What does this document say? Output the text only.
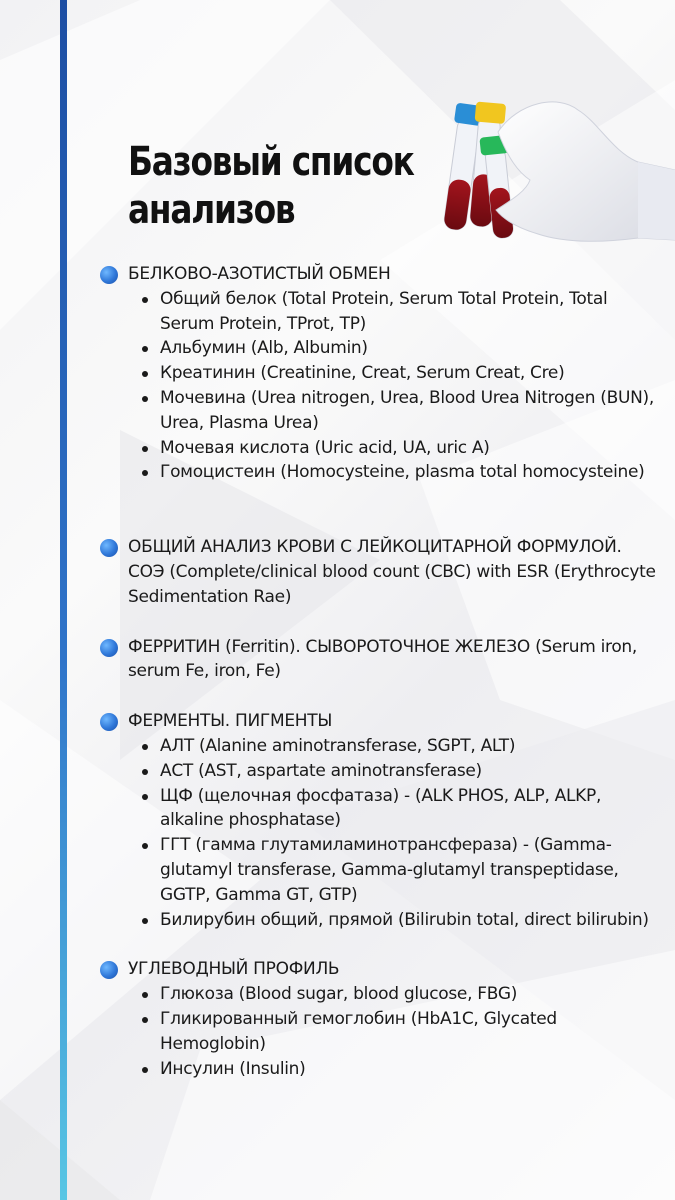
Базовый список анализов

БЕЛКОВО-АЗОТИСТЫЙ ОБМЕН

Общий белок (Total Protein, Serum Total Protein, Total Serum Protein, TProt, TP)
Альбумин (Alb, Albumin)
Креатинин (Creatinine, Creat, Serum Creat, Cre)
Мочевина (Urea nitrogen, Urea, Blood Urea Nitrogen (BUN), Urea, Plasma Urea)
Мочевая кислота (Uric acid, UA, uric A)
Гомоцистеин (Homocysteine, plasma total homocysteine)

ОБЩИЙ АНАЛИЗ КРОВИ С ЛЕЙКОЦИТАРНОЙ ФОРМУЛОЙ. СОЭ (Complete/clinical blood count (CBC) with ESR (Erythrocyte Sedimentation Rae)

ФЕРРИТИН (Ferritin). СЫВОРОТОЧНОЕ ЖЕЛЕЗО (Serum iron, serum Fe, iron, Fe)

ФЕРМЕНТЫ. ПИГМЕНТЫ

АЛТ (Alanine aminotransferase, SGPT, ALT)
АСТ (AST, aspartate aminotransferase)
ЩФ (щелочная фосфатаза) - (ALK PHOS, ALP, ALKP, alkaline phosphatase)
ГГТ (гамма глутамиламинотрансфераза) - (Gamma-glutamyl transferase, Gamma-glutamyl transpeptidase, GGTP, Gamma GT, GTP)
Билирубин общий, прямой (Bilirubin total, direct bilirubin)

УГЛЕВОДНЫЙ ПРОФИЛЬ

Глюкоза (Blood sugar, blood glucose, FBG)
Гликированный гемоглобин (HbA1C, Glycated Hemoglobin)
Инсулин (Insulin)
